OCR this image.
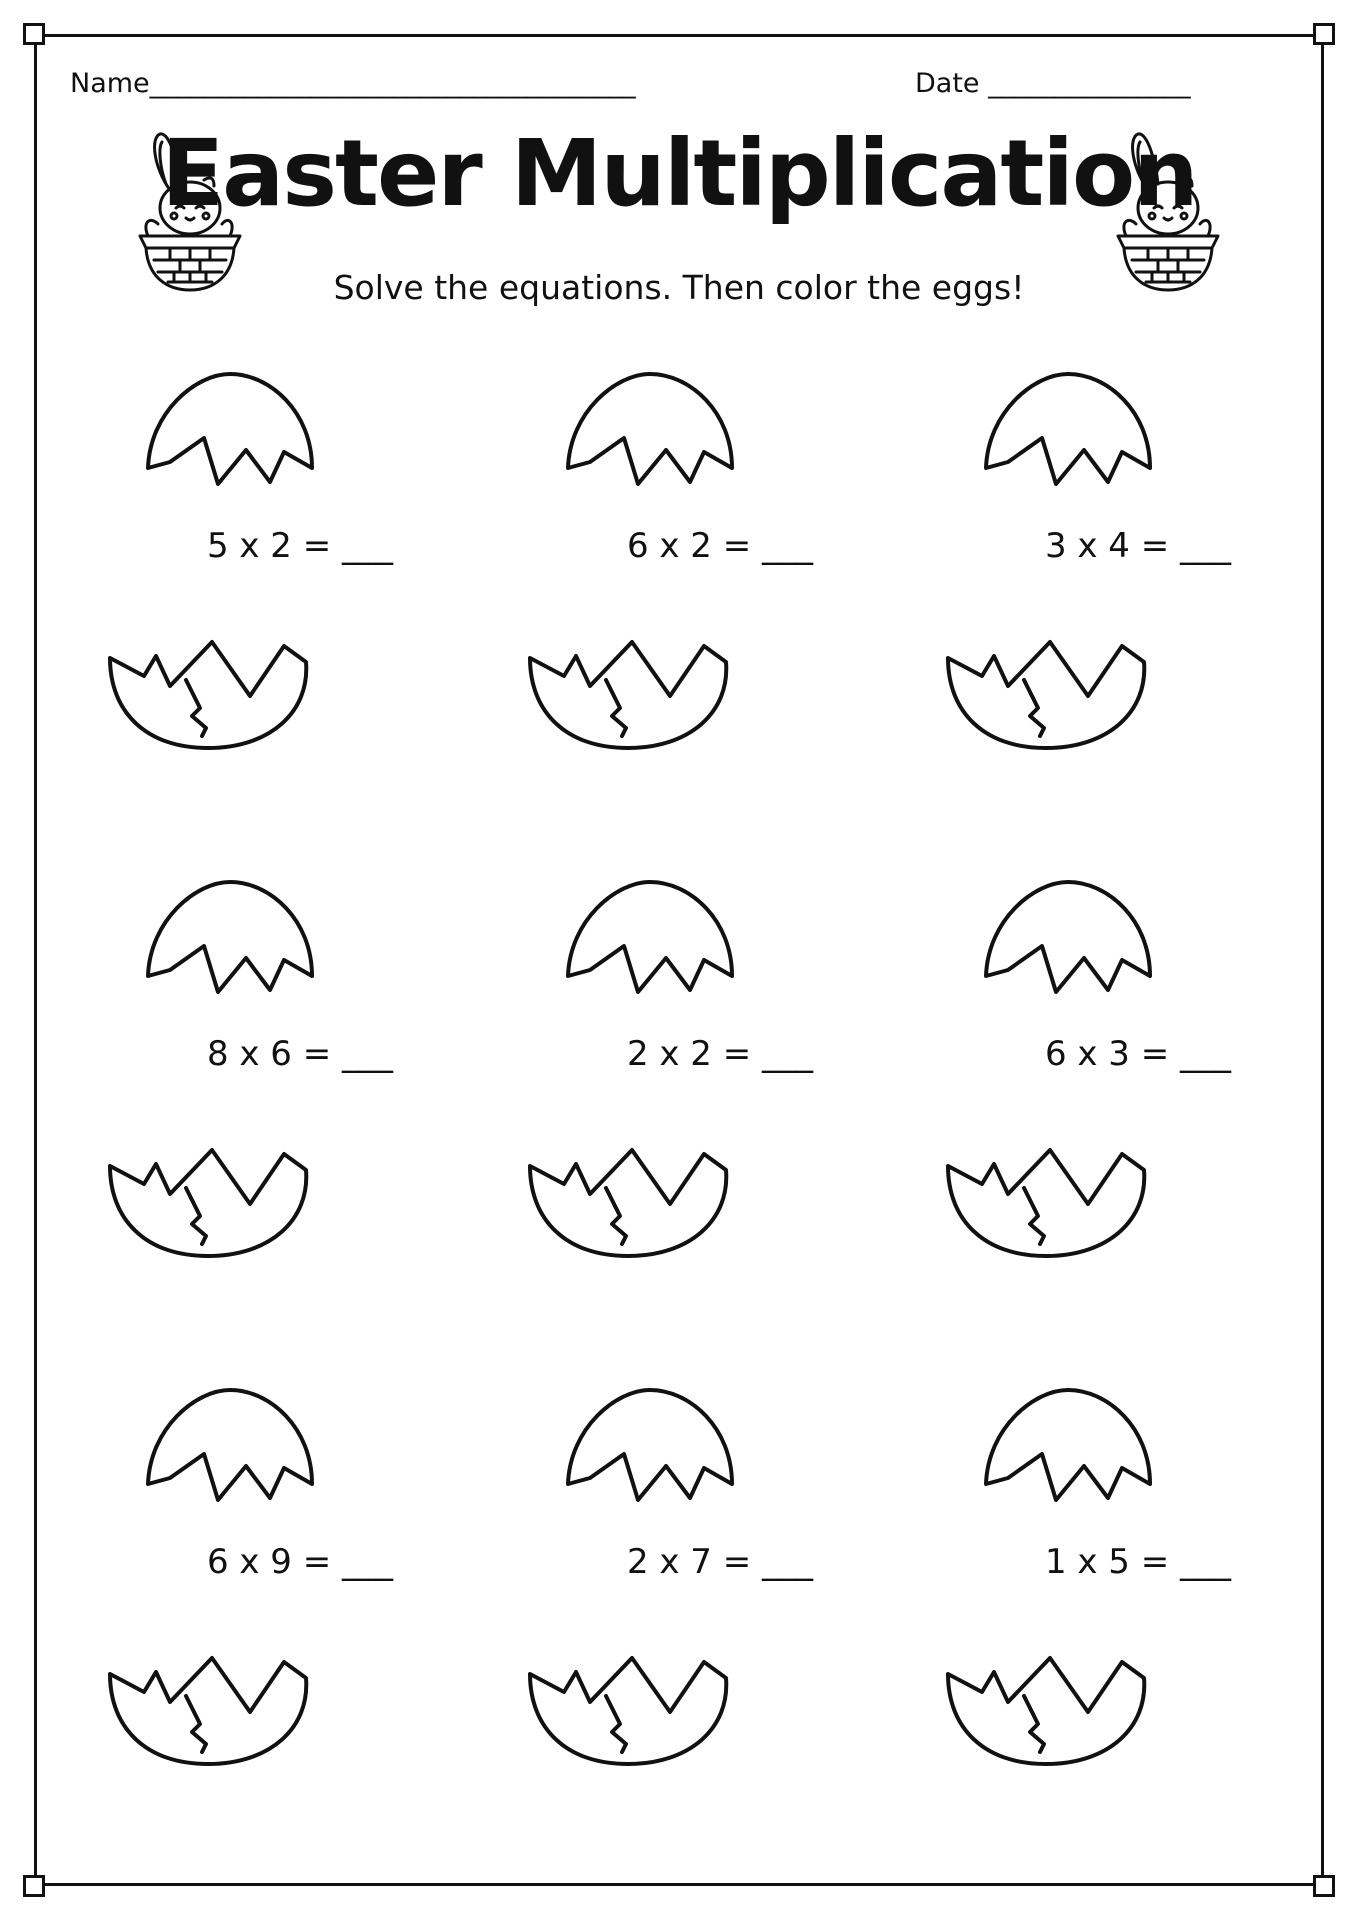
Name____________________________________	Date _______________
Easter Multiplication
Solve the equations. Then color the eggs!
5 x 2 = ___	6 x 2 = ___	3 x 4 = ___
8 x 6 = ___	2 x 2 = ___	6 x 3 = ___
6 x 9 = ___	2 x 7 = ___	1 x 5 = ___
